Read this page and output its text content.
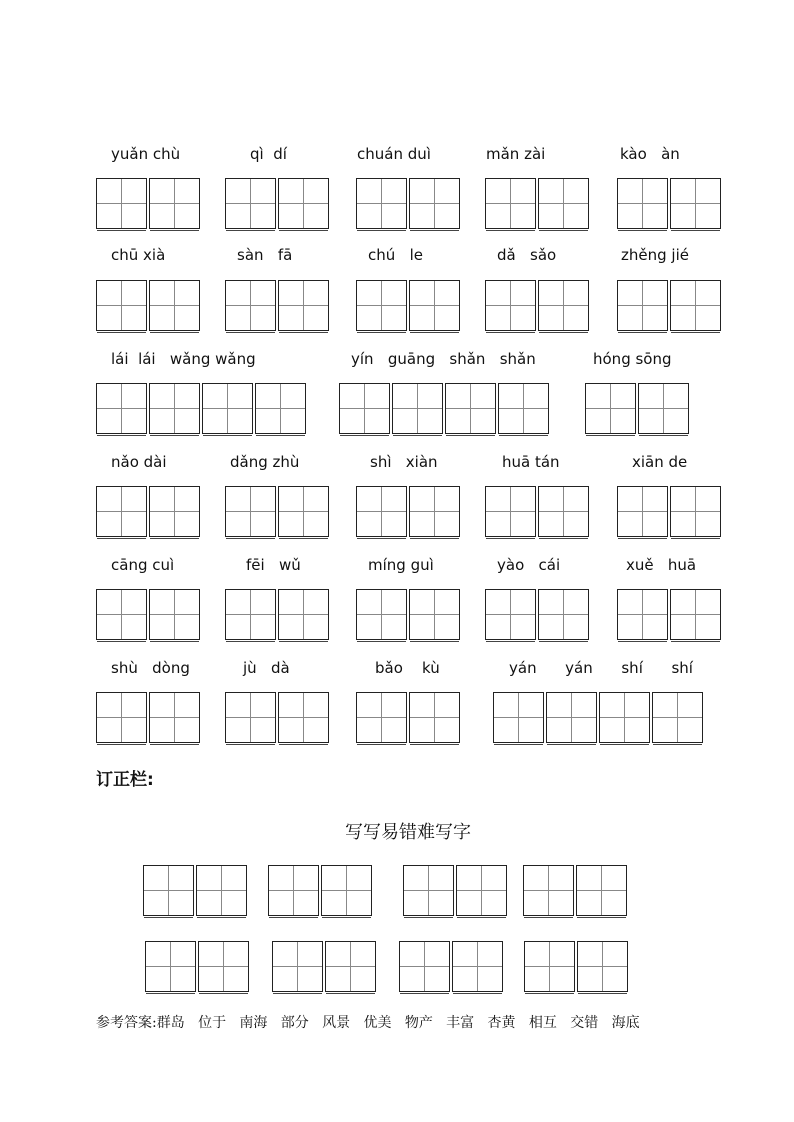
yuǎn chù	qì  dí	chuán duì	mǎn zài	kào   àn
chū xià	sàn   fā	chú   le	dǎ   sǎo	zhěng jié
lái  lái   wǎng wǎng	yín   guāng   shǎn   shǎn	hóng sōng
nǎo dài	dǎng zhù	shì   xiàn	huā tán	xiān de
cāng cuì	fēi   wǔ	míng guì	yào   cái	xuě   huā
shù   dòng	jù   dà	bǎo    kù	yán      yán      shí      shí
订正栏:
写写易错难写字
参考答案:群岛   位于   南海   部分   风景   优美   物产   丰富   杏黄   相互   交错   海底
